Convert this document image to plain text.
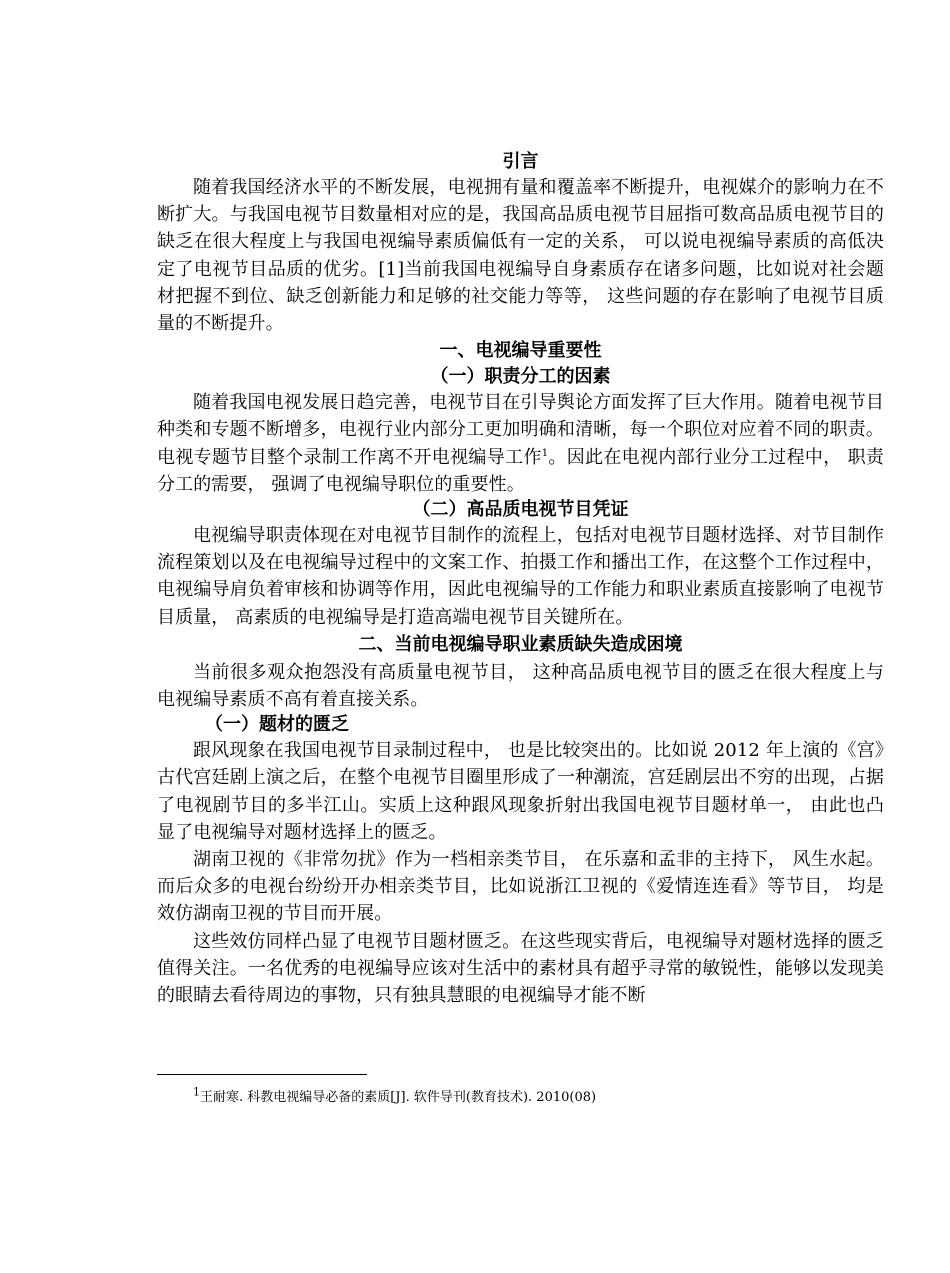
引言

随着我国经济水平的不断发展，电视拥有量和覆盖率不断提升，电视媒介的影响力在不断扩大。与我国电视节目数量相对应的是，我国高品质电视节目屈指可数高品质电视节目的缺乏在很大程度上与我国电视编导素质偏低有一定的关系， 可以说电视编导素质的高低决定了电视节目品质的优劣。[1]当前我国电视编导自身素质存在诸多问题，比如说对社会题材把握不到位、缺乏创新能力和足够的社交能力等等， 这些问题的存在影响了电视节目质量的不断提升。

一、电视编导重要性

（一）职责分工的因素

随着我国电视发展日趋完善，电视节目在引导舆论方面发挥了巨大作用。随着电视节目种类和专题不断增多，电视行业内部分工更加明确和清晰，每一个职位对应着不同的职责。电视专题节目整个录制工作离不开电视编导工作$^1$。因此在电视内部行业分工过程中， 职责分工的需要， 强调了电视编导职位的重要性。

（二）高品质电视节目凭证

电视编导职责体现在对电视节目制作的流程上，包括对电视节目题材选择、对节目制作流程策划以及在电视编导过程中的文案工作、拍摄工作和播出工作，在这整个工作过程中，电视编导肩负着审核和协调等作用，因此电视编导的工作能力和职业素质直接影响了电视节目质量， 高素质的电视编导是打造高端电视节目关键所在。

二、当前电视编导职业素质缺失造成困境

当前很多观众抱怨没有高质量电视节目， 这种高品质电视节目的匮乏在很大程度上与电视编导素质不高有着直接关系。

（一）题材的匮乏

跟风现象在我国电视节目录制过程中， 也是比较突出的。比如说 2012 年上演的《宫》古代宫廷剧上演之后，在整个电视节目圈里形成了一种潮流，宫廷剧层出不穷的出现，占据了电视剧节目的多半江山。实质上这种跟风现象折射出我国电视节目题材单一， 由此也凸显了电视编导对题材选择上的匮乏。

湖南卫视的《非常勿扰》作为一档相亲类节目， 在乐嘉和孟非的主持下， 风生水起。而后众多的电视台纷纷开办相亲类节目，比如说浙江卫视的《爱情连连看》等节目， 均是效仿湖南卫视的节目而开展。

这些效仿同样凸显了电视节目题材匮乏。在这些现实背后，电视编导对题材选择的匮乏值得关注。一名优秀的电视编导应该对生活中的素材具有超乎寻常的敏锐性，能够以发现美的眼睛去看待周边的事物，只有独具慧眼的电视编导才能不断

$^1$王耐寒. 科教电视编导必备的素质[J]. 软件导刊(教育技术). 2010(08)
